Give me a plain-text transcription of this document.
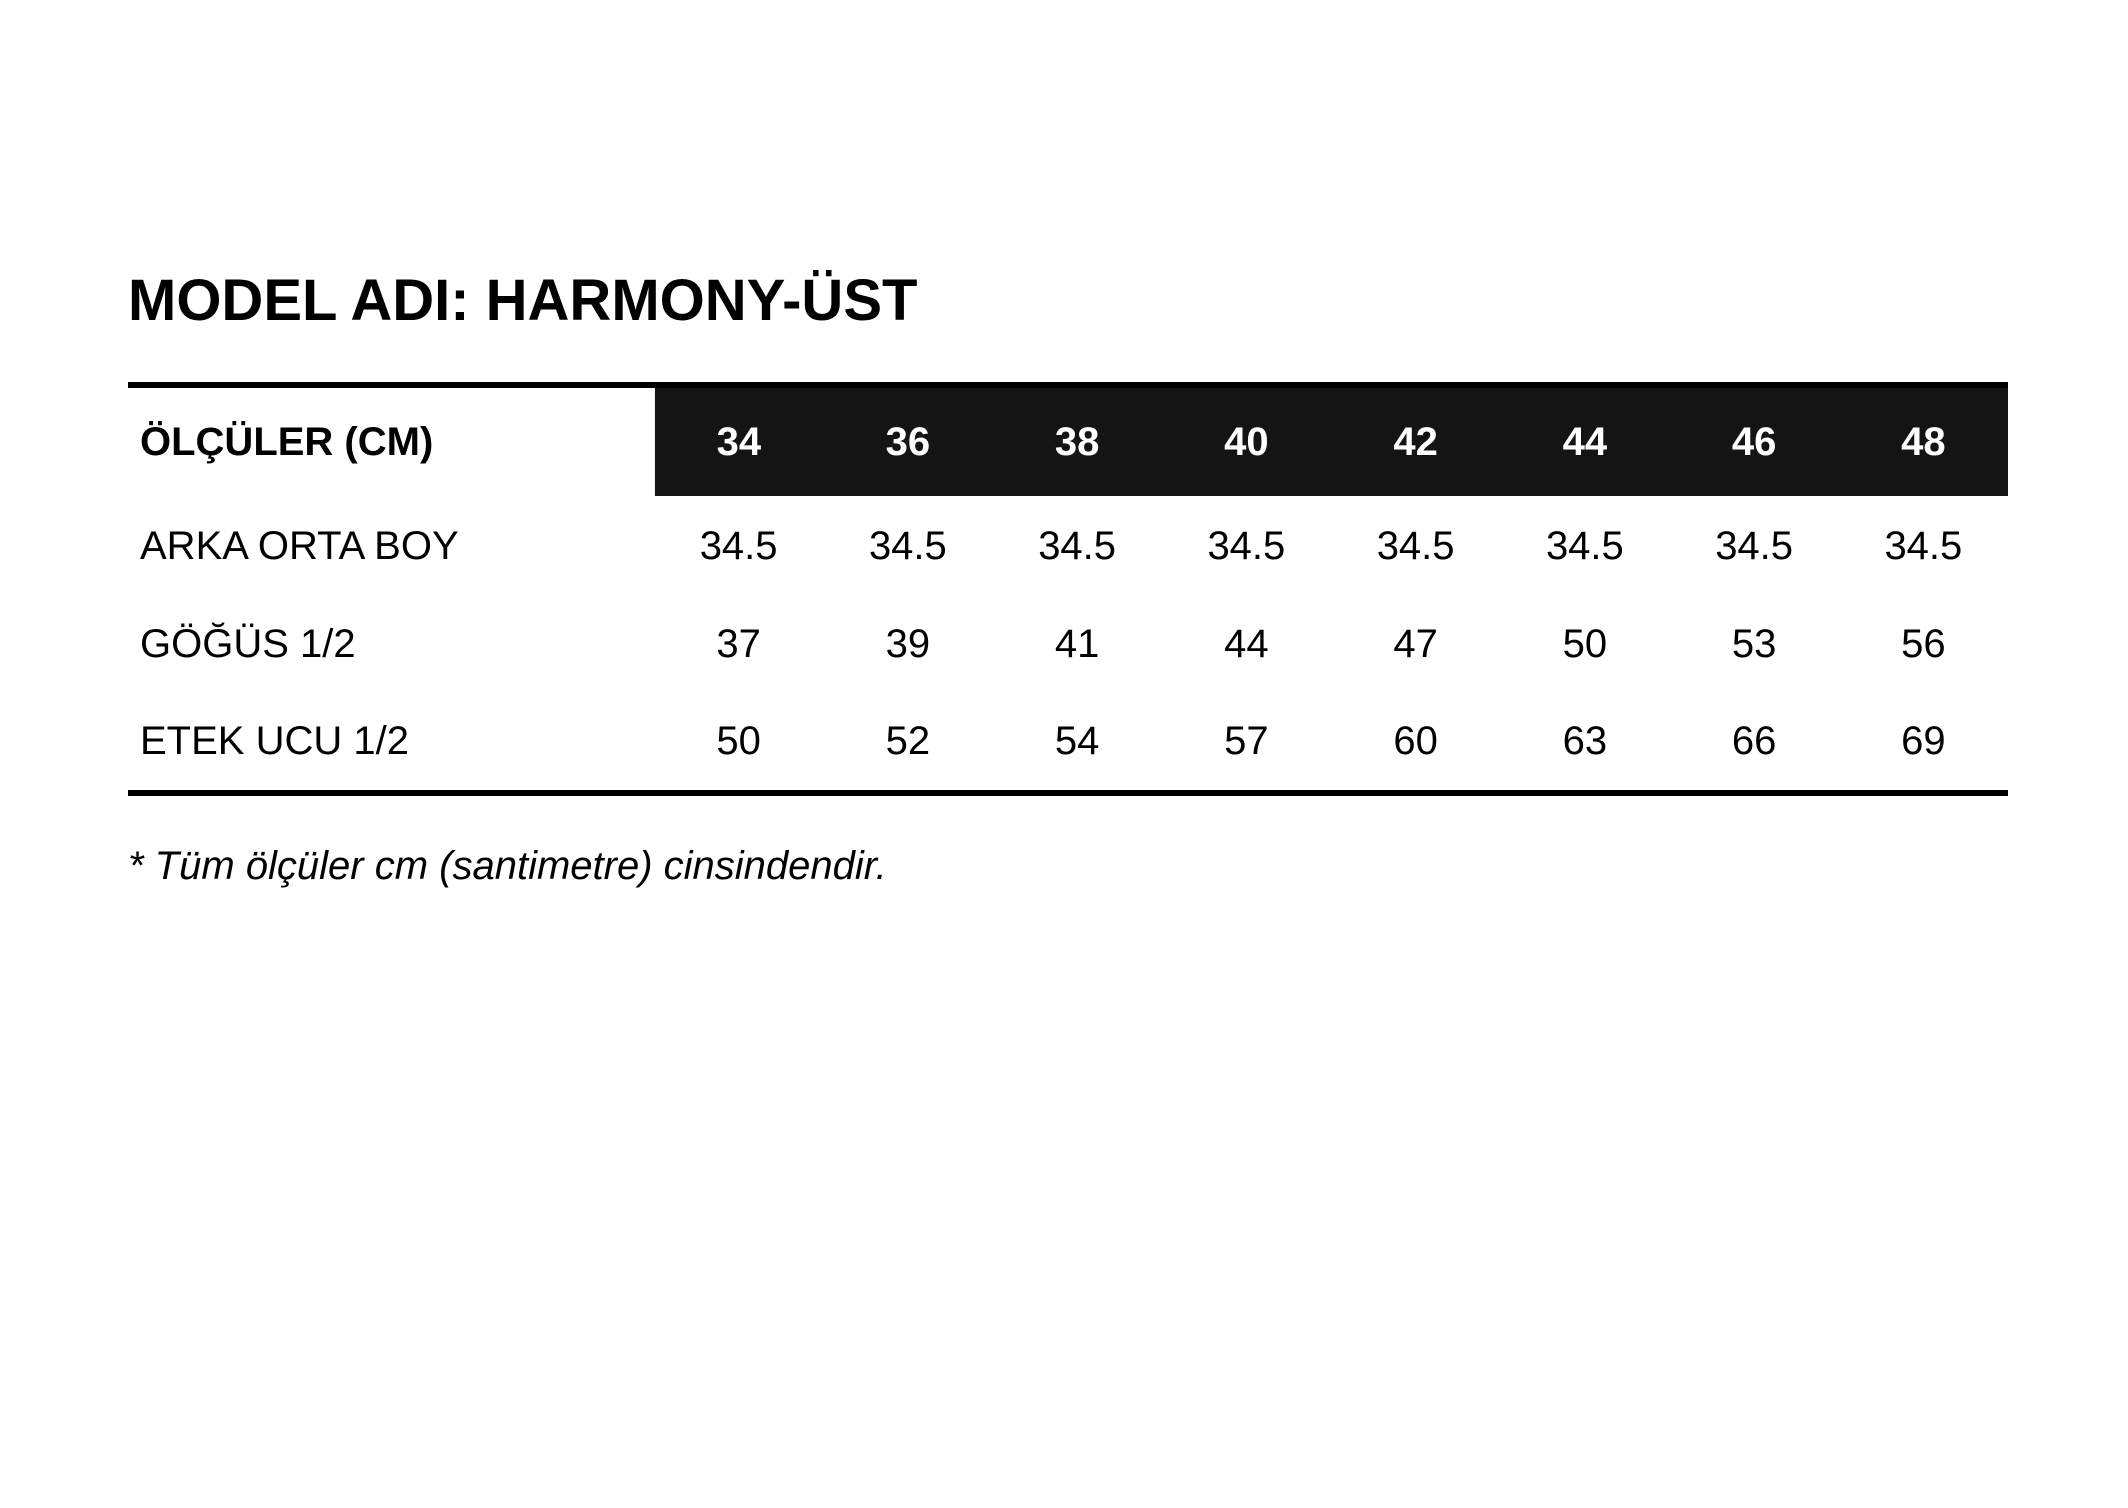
MODEL ADI: HARMONY-ÜST
ÖLÇÜLER (CM)	34	36	38	40	42	44	46	48
ARKA ORTA BOY	34.5	34.5	34.5	34.5	34.5	34.5	34.5	34.5
GÖĞÜS 1/2	37	39	41	44	47	50	53	56
ETEK UCU 1/2	50	52	54	57	60	63	66	69
* Tüm ölçüler cm (santimetre) cinsindendir.
